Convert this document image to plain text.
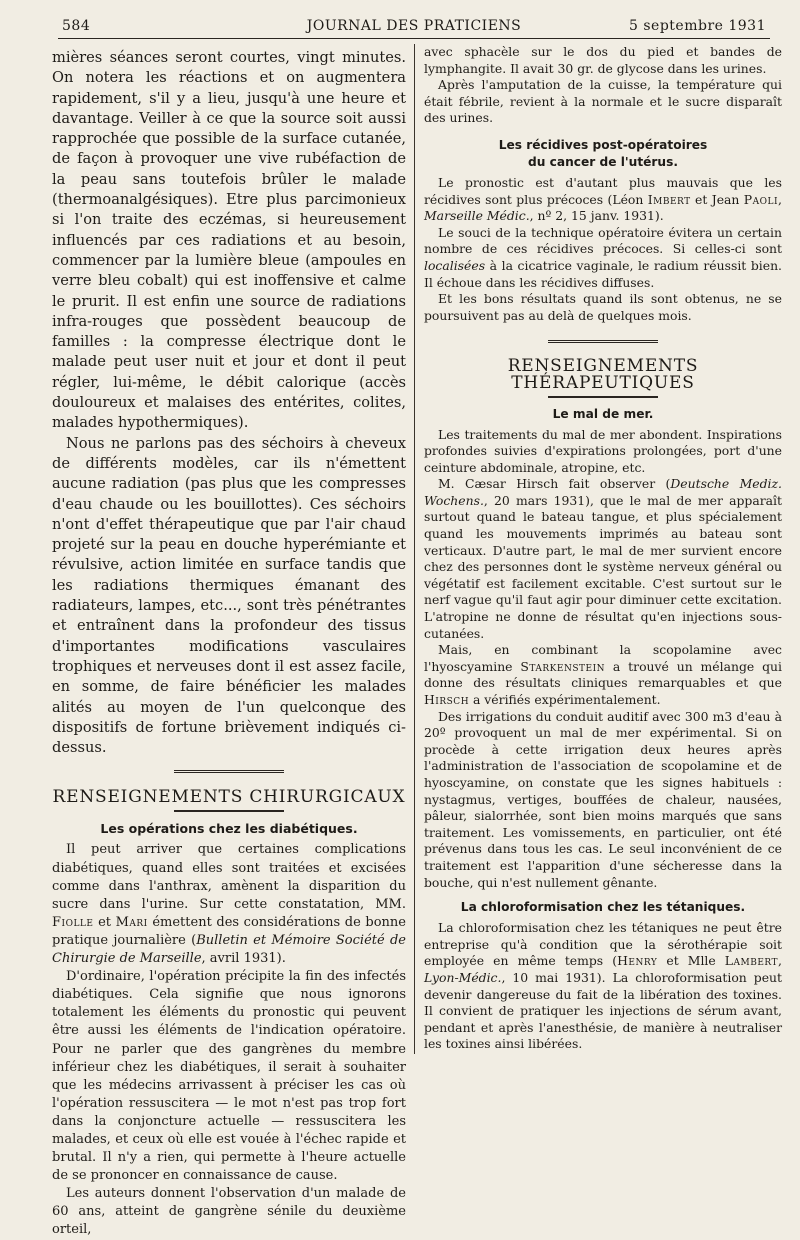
584	JOURNAL DES PRATICIENS	5 septembre 1931

mières séances seront courtes, vingt minutes. On notera les réactions et on augmentera rapidement, s'il y a lieu, jusqu'à une heure et davantage. Veiller à ce que la source soit aussi rapprochée que possible de la surface cutanée, de façon à provoquer une vive rubéfaction de la peau sans toutefois brûler le malade (thermoanalgésiques). Etre plus parcimonieux si l'on traite des eczémas, si heureusement influencés par ces radiations et au besoin, commencer par la lumière bleue (ampoules en verre bleu cobalt) qui est inoffensive et calme le prurit. Il est enfin une source de radiations infra-rouges que possèdent beaucoup de familles : la compresse électrique dont le malade peut user nuit et jour et dont il peut régler, lui-même, le débit calorique (accès douloureux et malaises des entérites, colites, malades hypothermiques).

Nous ne parlons pas des séchoirs à cheveux de différents modèles, car ils n'émettent aucune radiation (pas plus que les compresses d'eau chaude ou les bouillottes). Ces séchoirs n'ont d'effet thérapeutique que par l'air chaud projeté sur la peau en douche hyperémiante et révulsive, action limitée en surface tandis que les radiations thermiques émanant des radiateurs, lampes, etc..., sont très pénétrantes et entraînent dans la profondeur des tissus d'importantes modifications vasculaires trophiques et nerveuses dont il est assez facile, en somme, de faire bénéficier les malades alités au moyen de l'un quelconque des dispositifs de fortune brièvement indiqués ci-dessus.

RENSEIGNEMENTS CHIRURGICAUX
Les opérations chez les diabétiques.

Il peut arriver que certaines complications diabétiques, quand elles sont traitées et excisées comme dans l'anthrax, amènent la disparition du sucre dans l'urine. Sur cette constatation, MM. Fiolle et Mari émettent des considérations de bonne pratique journalière (Bulletin et Mémoire Société de Chirurgie de Marseille, avril 1931).

D'ordinaire, l'opération précipite la fin des infectés diabétiques. Cela signifie que nous ignorons totalement les éléments du pronostic qui peuvent être aussi les éléments de l'indication opératoire. Pour ne parler que des gangrènes du membre inférieur chez les diabétiques, il serait à souhaiter que les médecins arrivassent à préciser les cas où l'opération ressuscitera — le mot n'est pas trop fort dans la conjoncture actuelle — ressuscitera les malades, et ceux où elle est vouée à l'échec rapide et brutal. Il n'y a rien, qui permette à l'heure actuelle de se prononcer en connaissance de cause.

Les auteurs donnent l'observation d'un malade de 60 ans, atteint de gangrène sénile du deuxième orteil,

avec sphacèle sur le dos du pied et bandes de lymphangite. Il avait 30 gr. de glycose dans les urines.

Après l'amputation de la cuisse, la température qui était fébrile, revient à la normale et le sucre disparaît des urines.

Les récidives post-opératoires
du cancer de l'utérus.

Le pronostic est d'autant plus mauvais que les récidives sont plus précoces (Léon Imbert et Jean Paoli, Marseille Médic., nº 2, 15 janv. 1931).

Le souci de la technique opératoire évitera un certain nombre de ces récidives précoces. Si celles-ci sont localisées à la cicatrice vaginale, le radium réussit bien. Il échoue dans les récidives diffuses.

Et les bons résultats quand ils sont obtenus, ne se poursuivent pas au delà de quelques mois.

RENSEIGNEMENTS THÉRAPEUTIQUES
Le mal de mer.

Les traitements du mal de mer abondent. Inspirations profondes suivies d'expirations prolongées, port d'une ceinture abdominale, atropine, etc.

M. Cæsar Hirsch fait observer (Deutsche Mediz. Wochens., 20 mars 1931), que le mal de mer apparaît surtout quand le bateau tangue, et plus spécialement quand les mouvements imprimés au bateau sont verticaux. D'autre part, le mal de mer survient encore chez des personnes dont le système nerveux général ou végétatif est facilement excitable. C'est surtout sur le nerf vague qu'il faut agir pour diminuer cette excitation. L'atropine ne donne de résultat qu'en injections sous-cutanées.

Mais, en combinant la scopolamine avec l'hyoscyamine Starkenstein a trouvé un mélange qui donne des résultats cliniques remarquables et que Hirsch a vérifiés expérimentalement.

Des irrigations du conduit auditif avec 300 m3 d'eau à 20º provoquent un mal de mer expérimental. Si on procède à cette irrigation deux heures après l'administration de l'association de scopolamine et de hyoscyamine, on constate que les signes habituels : nystagmus, vertiges, bouffées de chaleur, nausées, pâleur, sialorrhée, sont bien moins marqués que sans traitement. Les vomissements, en particulier, ont été prévenus dans tous les cas. Le seul inconvénient de ce traitement est l'apparition d'une sécheresse dans la bouche, qui n'est nullement gênante.

La chloroformisation chez les tétaniques.

La chloroformisation chez les tétaniques ne peut être entreprise qu'à condition que la sérothérapie soit employée en même temps (Henry et Mlle Lambert, Lyon-Médic., 10 mai 1931). La chloroformisation peut devenir dangereuse du fait de la libération des toxines. Il convient de pratiquer les injections de sérum avant, pendant et après l'anesthésie, de manière à neutraliser les toxines ainsi libérées.
